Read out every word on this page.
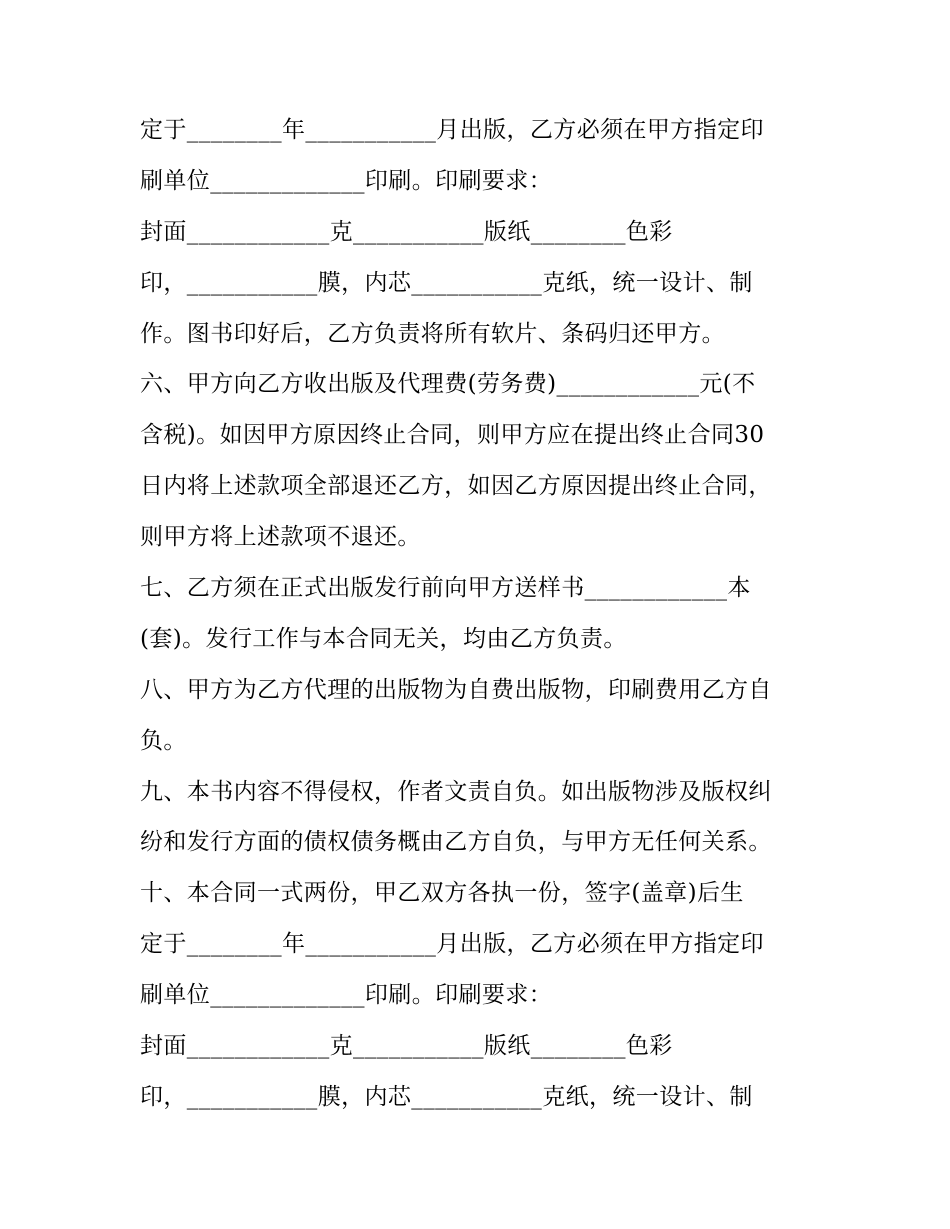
定于________年___________月出版，乙方必须在甲方指定印
刷单位_____________印刷。印刷要求：
封面____________克___________版纸________色彩
印，___________膜，内芯___________克纸，统一设计、制
作。图书印好后，乙方负责将所有软片、条码归还甲方。
六、甲方向乙方收出版及代理费(劳务费)____________元(不
含税)。如因甲方原因终止合同，则甲方应在提出终止合同30
日内将上述款项全部退还乙方，如因乙方原因提出终止合同，
则甲方将上述款项不退还。
七、乙方须在正式出版发行前向甲方送样书____________本
(套)。发行工作与本合同无关，均由乙方负责。
八、甲方为乙方代理的出版物为自费出版物，印刷费用乙方自
负。
九、本书内容不得侵权，作者文责自负。如出版物涉及版权纠
纷和发行方面的债权债务概由乙方自负，与甲方无任何关系。
十、本合同一式两份，甲乙双方各执一份，签字(盖章)后生
定于________年___________月出版，乙方必须在甲方指定印
刷单位_____________印刷。印刷要求：
封面____________克___________版纸________色彩
印，___________膜，内芯___________克纸，统一设计、制
